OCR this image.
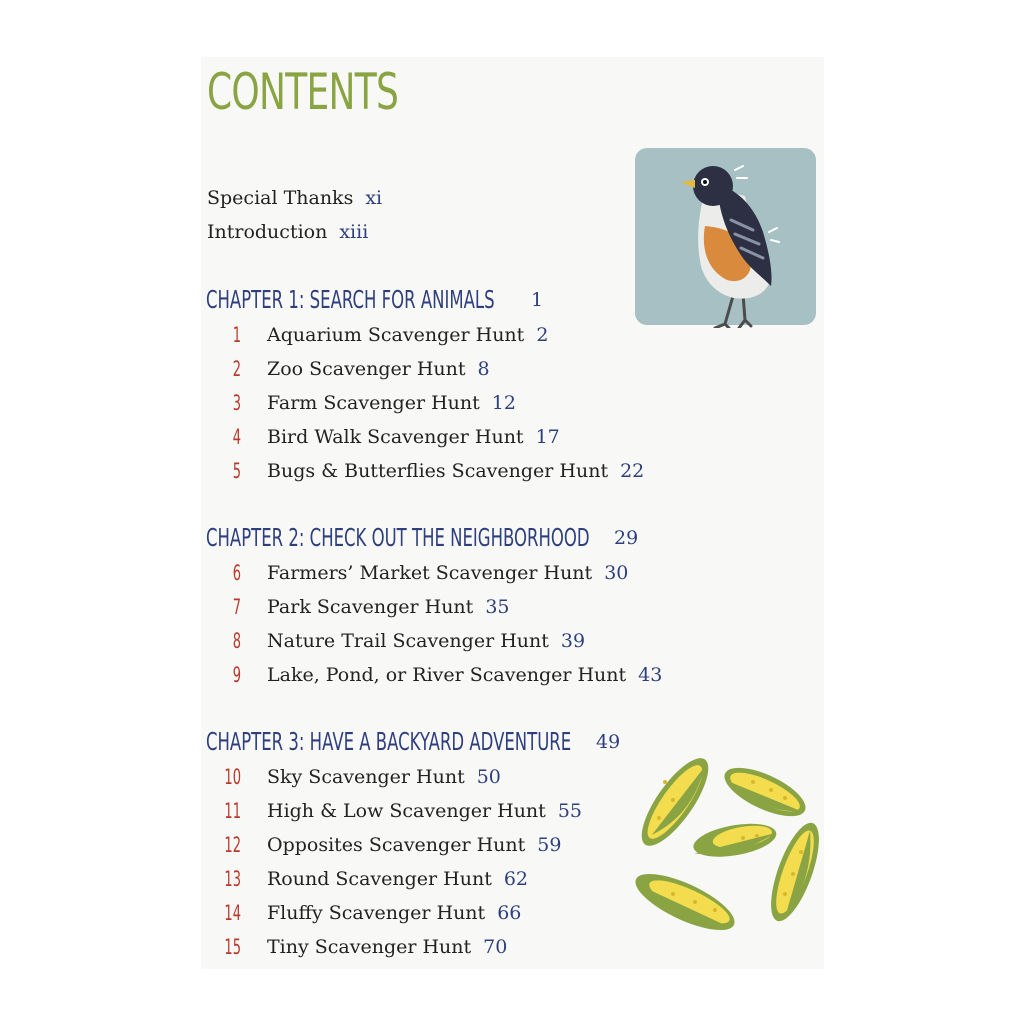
CONTENTS
Special Thanks xi
Introduction xiii
CHAPTER 1: SEARCH FOR ANIMALS 1
1 Aquarium Scavenger Hunt 2
2 Zoo Scavenger Hunt 8
3 Farm Scavenger Hunt 12
4 Bird Walk Scavenger Hunt 17
5 Bugs & Butterflies Scavenger Hunt 22
CHAPTER 2: CHECK OUT THE NEIGHBORHOOD 29
6 Farmers’ Market Scavenger Hunt 30
7 Park Scavenger Hunt 35
8 Nature Trail Scavenger Hunt 39
9 Lake, Pond, or River Scavenger Hunt 43
CHAPTER 3: HAVE A BACKYARD ADVENTURE 49
10 Sky Scavenger Hunt 50
11 High & Low Scavenger Hunt 55
12 Opposites Scavenger Hunt 59
13 Round Scavenger Hunt 62
14 Fluffy Scavenger Hunt 66
15 Tiny Scavenger Hunt 70
